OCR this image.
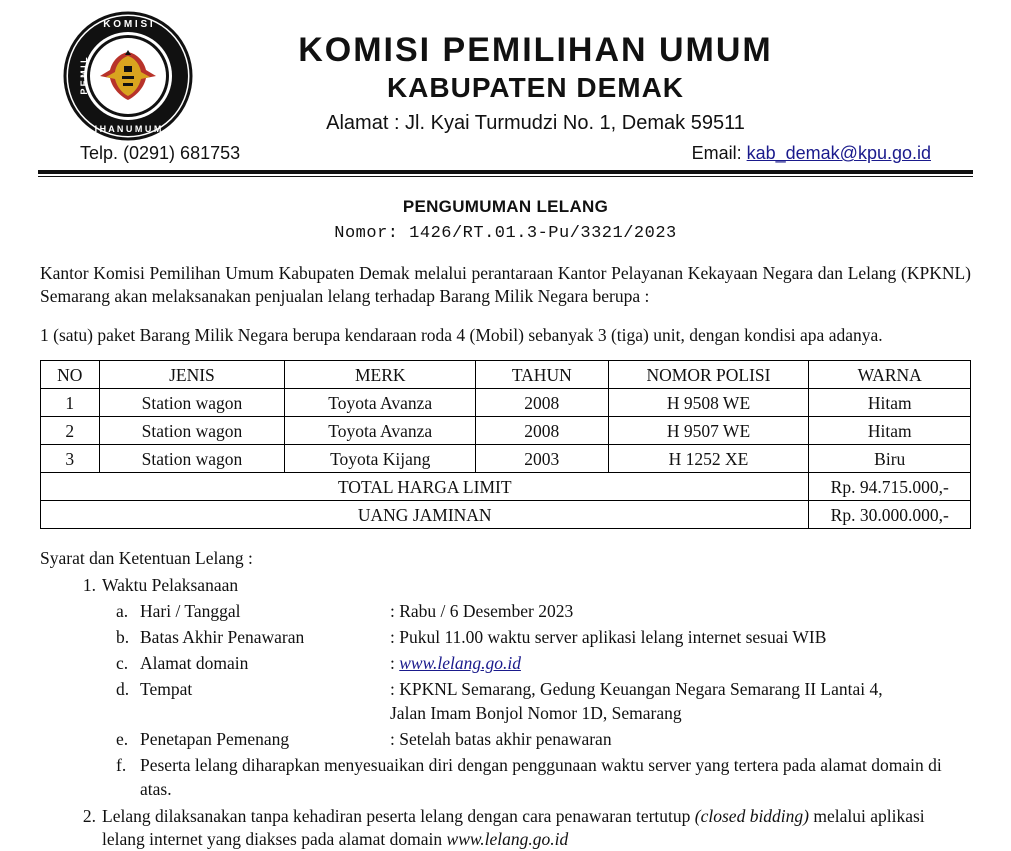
K O M I S I
I H A N U M U M
P E M I L
KOMISI PEMILIHAN UMUM
KABUPATEN DEMAK
Alamat : Jl. Kyai Turmudzi No. 1, Demak 59511
Telp. (0291) 681753	Email: kab_demak@kpu.go.id
PENGUMUMAN LELANG
Nomor: 1426/RT.01.3-Pu/3321/2023
Kantor Komisi Pemilihan Umum Kabupaten Demak melalui perantaraan Kantor Pelayanan Kekayaan Negara dan Lelang (KPKNL) Semarang akan melaksanakan penjualan lelang terhadap Barang Milik Negara berupa :
1 (satu) paket Barang Milik Negara berupa kendaraan roda 4 (Mobil) sebanyak 3 (tiga) unit, dengan kondisi apa adanya.
NO	JENIS	MERK	TAHUN	NOMOR POLISI	WARNA
1	Station wagon	Toyota Avanza	2008	H 9508 WE	Hitam
2	Station wagon	Toyota Avanza	2008	H 9507 WE	Hitam
3	Station wagon	Toyota Kijang	2003	H 1252 XE	Biru
TOTAL HARGA LIMIT					Rp. 94.715.000,-
UANG JAMINAN					Rp. 30.000.000,-
Syarat dan Ketentuan Lelang :
1. Waktu Pelaksanaan
a. Hari / Tanggal	: Rabu / 6 Desember 2023
b. Batas Akhir Penawaran	: Pukul 11.00 waktu server aplikasi lelang internet sesuai WIB
c. Alamat domain	: www.lelang.go.id
d. Tempat	: KPKNL Semarang, Gedung Keuangan Negara Semarang II Lantai 4,
Jalan Imam Bonjol Nomor 1D, Semarang
e. Penetapan Pemenang	: Setelah batas akhir penawaran
f. Peserta lelang diharapkan menyesuaikan diri dengan penggunaan waktu server yang tertera pada alamat domain di atas.
2. Lelang dilaksanakan tanpa kehadiran peserta lelang dengan cara penawaran tertutup (closed bidding) melalui aplikasi lelang internet yang diakses pada alamat domain www.lelang.go.id
